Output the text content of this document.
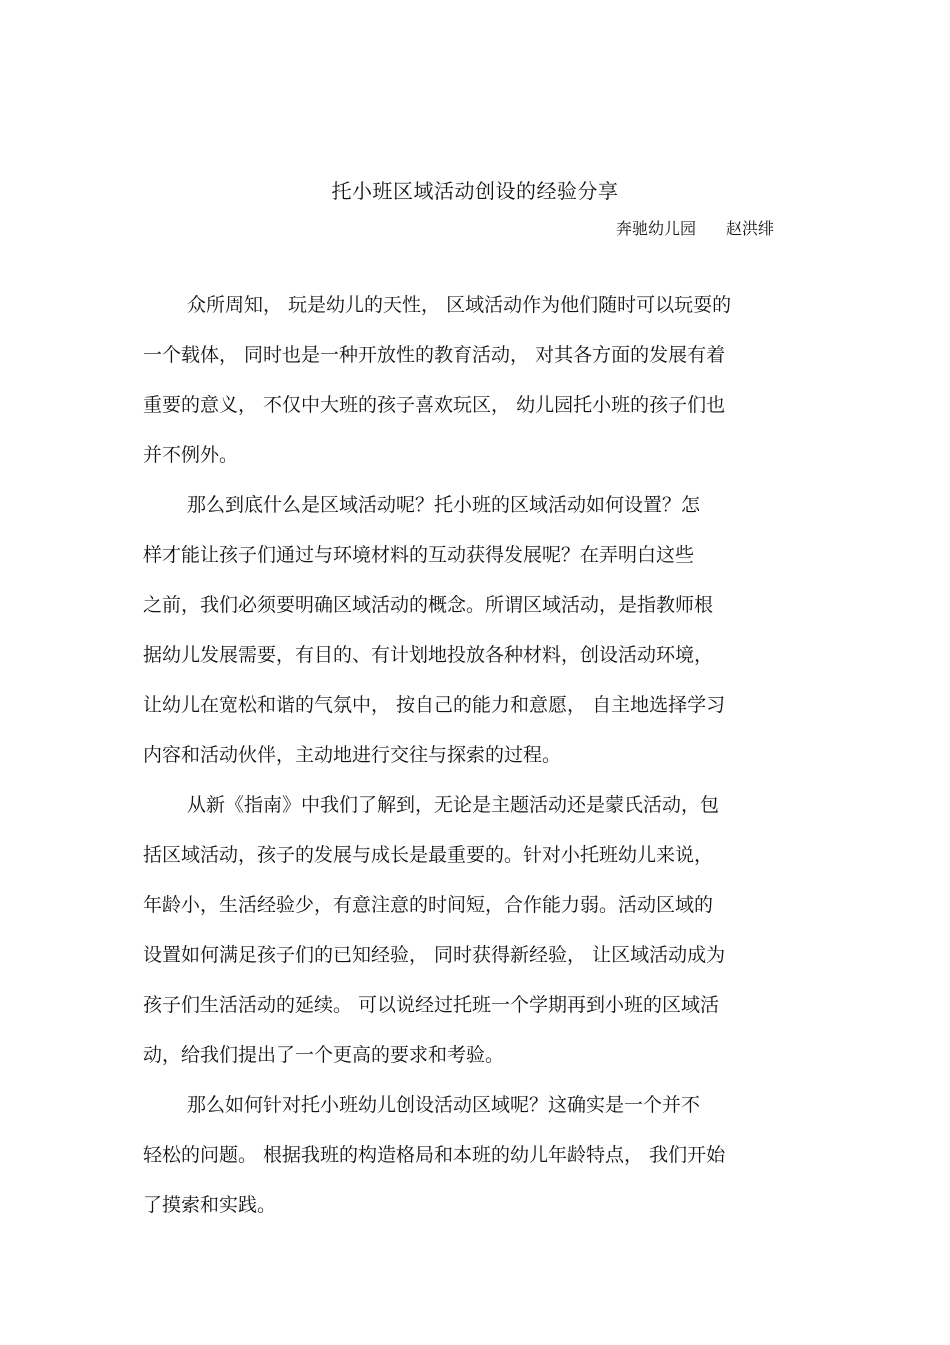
托小班区域活动创设的经验分享
奔驰幼儿园 赵洪绯
众所周知， 玩是幼儿的天性， 区域活动作为他们随时可以玩耍的
一个载体， 同时也是一种开放性的教育活动， 对其各方面的发展有着
重要的意义， 不仅中大班的孩子喜欢玩区， 幼儿园托小班的孩子们也
并不例外。
那么到底什么是区域活动呢？托小班的区域活动如何设置？怎
样才能让孩子们通过与环境材料的互动获得发展呢？在弄明白这些
之前，我们必须要明确区域活动的概念。所谓区域活动，是指教师根
据幼儿发展需要，有目的、有计划地投放各种材料，创设活动环境，
让幼儿在宽松和谐的气氛中， 按自己的能力和意愿， 自主地选择学习
内容和活动伙伴，主动地进行交往与探索的过程。
从新《指南》中我们了解到，无论是主题活动还是蒙氏活动，包
括区域活动，孩子的发展与成长是最重要的。针对小托班幼儿来说，
年龄小，生活经验少，有意注意的时间短，合作能力弱。活动区域的
设置如何满足孩子们的已知经验， 同时获得新经验， 让区域活动成为
孩子们生活活动的延续。 可以说经过托班一个学期再到小班的区域活
动，给我们提出了一个更高的要求和考验。
那么如何针对托小班幼儿创设活动区域呢？这确实是一个并不
轻松的问题。 根据我班的构造格局和本班的幼儿年龄特点， 我们开始
了摸索和实践。
